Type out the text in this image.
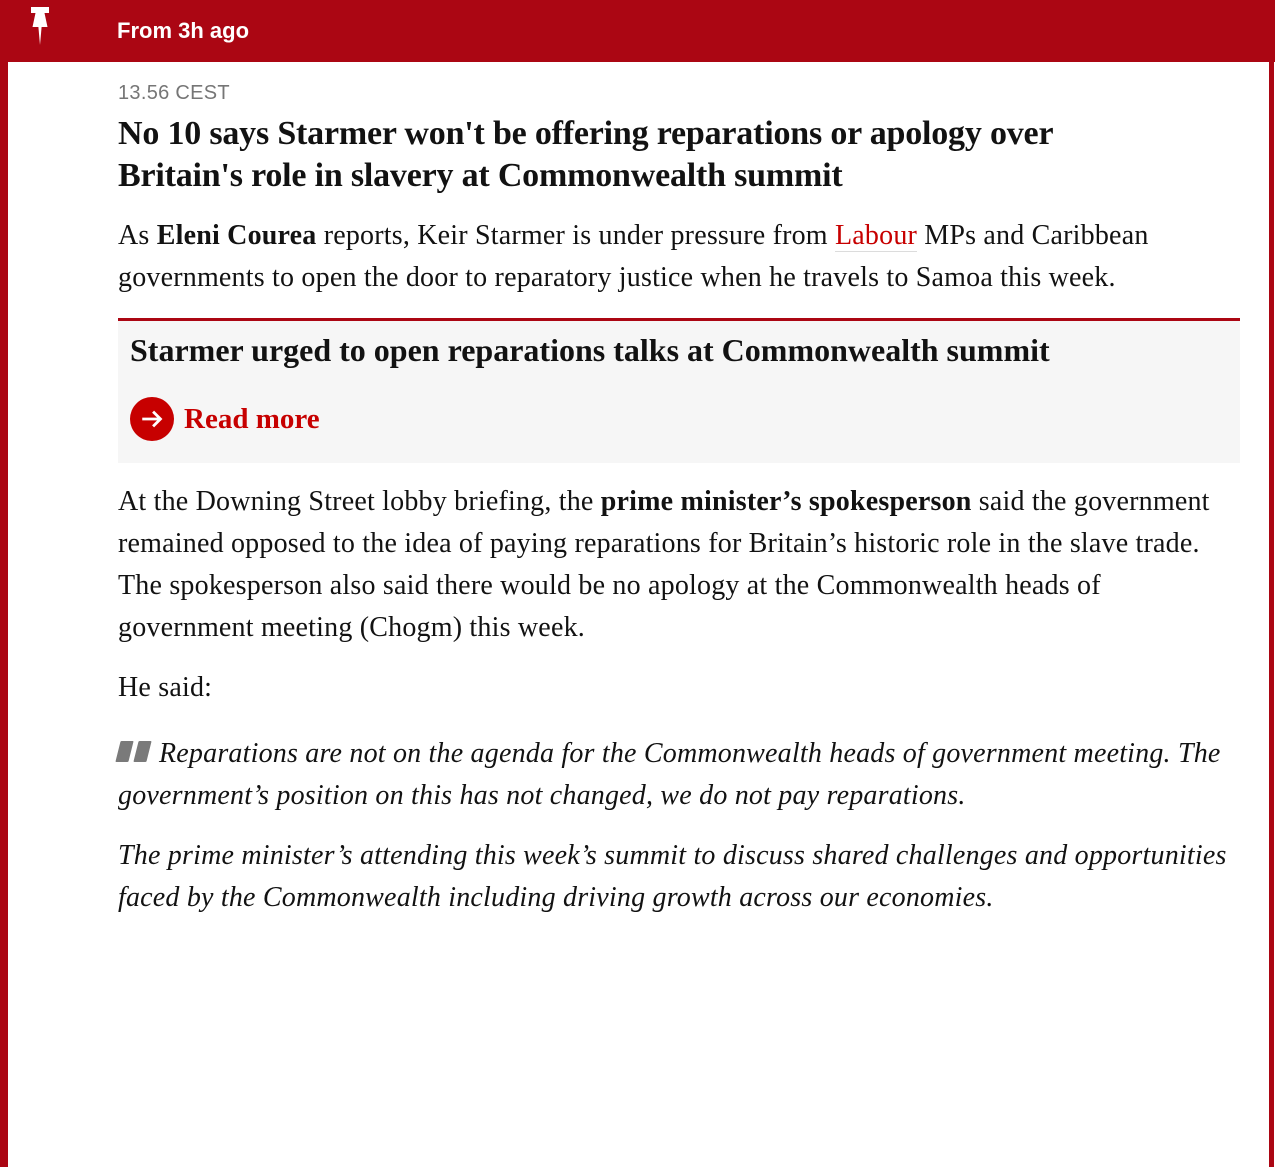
From 3h ago
13.56 CEST
No 10 says Starmer won't be offering reparations or apology over Britain's role in slavery at Commonwealth summit

As Eleni Courea reports, Keir Starmer is under pressure from Labour MPs and Caribbean governments to open the door to reparatory justice when he travels to Samoa this week.

Starmer urged to open reparations talks at Commonwealth summit
Read more

At the Downing Street lobby briefing, the prime minister’s spokesperson said the government remained opposed to the idea of paying reparations for Britain’s historic role in the slave trade. The spokesperson also said there would be no apology at the Commonwealth heads of government meeting (Chogm) this week.

He said:

Reparations are not on the agenda for the Commonwealth heads of government meeting. The government’s position on this has not changed, we do not pay reparations.

The prime minister’s attending this week’s summit to discuss shared challenges and opportunities faced by the Commonwealth including driving growth across our economies.
